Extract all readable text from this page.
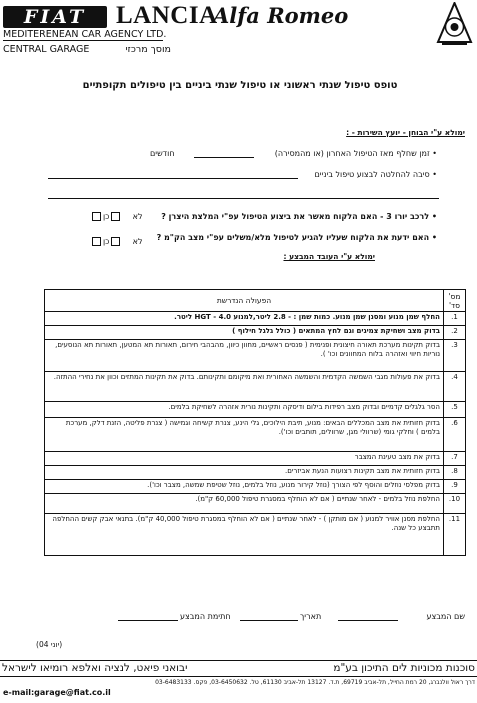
FIAT	LANCIA
Alfa Romeo
MEDITERENEAN CAR AGENCY LTD.
CENTRAL GARAGE	מוסך מרכזי
טופס טיפול שנתי ראשוני או טיפול שנתי ביניים בין טיפולים תקופתיים
ימולא ע"י הבוחן - יועץ השירות - :
• זמן שחלף מאז הטיפול האחרון (או מהמסירה)
חודשים
• סיבה להחלטה לבצוע טיפול ביניים
• לרכב יורו 3 - האם הלקוח מאשר את ביצוע הטיפול עפ"י המלצת היצרן ?
לא    כן
• האם ידעת את הלקוח שעליו להגיע לטיפול מלא/משלים עפ"י מצב הק"מ ?
לא    כן
ימולא ע"י העובד המבצע :
מס' סד'	הפעולה הנדרשת
1.	החלף שמן מנוע ומסנן שמן מנוע. כמות שמן : - 2.8 ליטר,למנוע HGT - 4.0 ליטר.
2.	בדוק מצב ושחיקת צמיגים וגם לחץ המתאים ( כולל גלגל חילוף )
3.	בדוק תקינות מערכת תאורה חיצונית ופנימית ( פנסים ראשיים, מחוון כיוון, מהבהבי חירום, תאורות תא המטען, תאורות תא הנוסעים, נוריות חיווי ואזהרה בלוח המחוונים וכו' ).
4.	בדוק את פעולות מגבי השמשה הקדמית והשמשה האחורית ואת מיקומם ותקינותם. בדוק את תקינות המתזים וכוון את נחירי ההתזה.
5.	הסר גלגלים קדמיים ובדוק מצב רפידות בילום ודיסקה ותקינות נורית אזהרה לשחיקת בלמים.
6.	בדוק חזותית את מצב המכללים הבאים: מנוע, תיבת הילוכים, גלי הינע, צנרת קשיחה וגמישה ( צנרת פליטה, הזנת דלק, מערכת בלמים ) וחלקי גומי (שרוולי מגן, שרוולים, תותבים וכו').
7.	בדוק את מצב טעינת המצבר
8.	בדוק חזותית את מצב תקינות רצועות הנעת אביזרים.
9.	בדוק מפלסי נוזלים והוסף לפי הצורך (נוזל קירור מנוע, נוזל בלמים, נוזל שטיפת שמשה, מצבר וכו').
10.	החלפת נוזל בלמים - לאחר שנתיים ( אם לא הוחלף במסגרת טיפול 60,000 ק"מ).
11.	החלפת מסנן אוויר למנוע ( אם מותקן ) - לאחר שנתיים ( אם לא הוחלף במסגרת טיפול 40,000 ק"מ). בתנאי אבק קשים ההחלפה תתבצע כל שנה.
שם המבצע
תאריך
חתימת המבצע
(יוני 04)
סוכנות מכוניות לים התיכון בע"מ
יבואני פיאט, לנציה ואלפא רומיאו לישראל
דרך ראול וולנברג, 20 רמת החייל, תל-אביב 69719, ת.ד. 13127 תל-אביב 61130, טל. 03-6450632, פקס. 03-6483133
e-mail:garage@fiat.co.il
